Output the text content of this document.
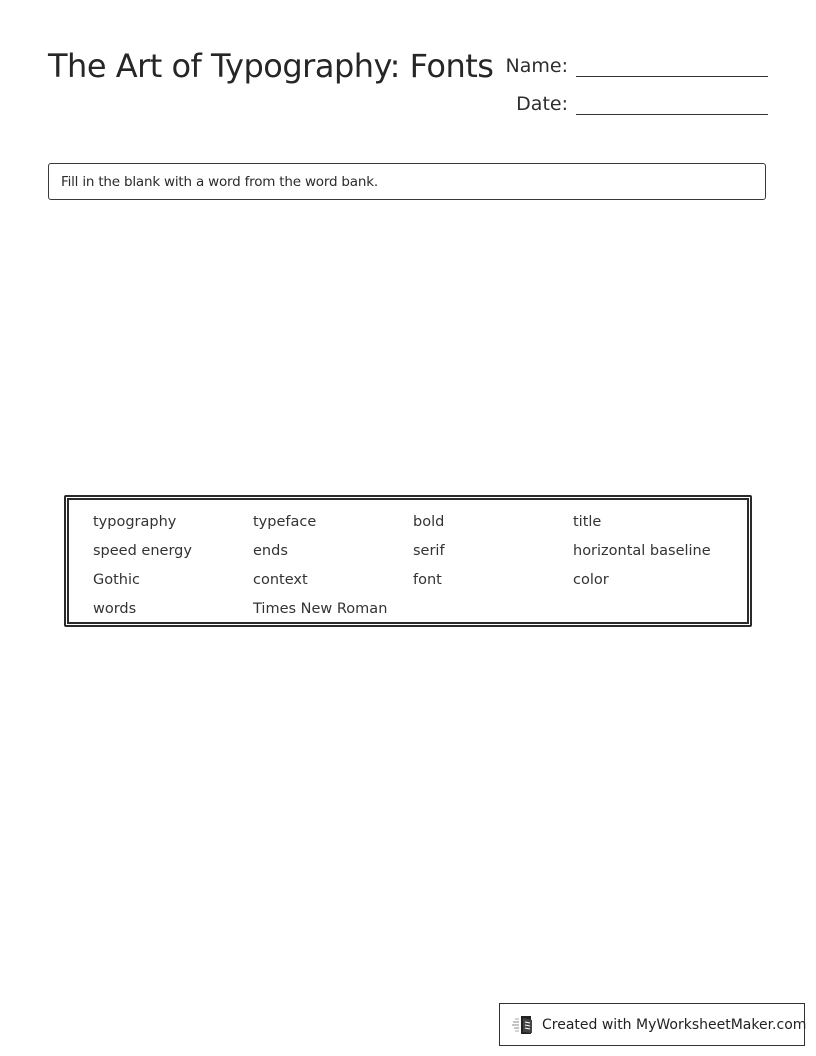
The Art of Typography: Fonts Name:
Date:
Fill in the blank with a word from the word bank.
typography	typeface	bold	title
speed energy	ends	serif	horizontal baseline
Gothic	context	font	color
words	Times New Roman
Created with MyWorksheetMaker.com
